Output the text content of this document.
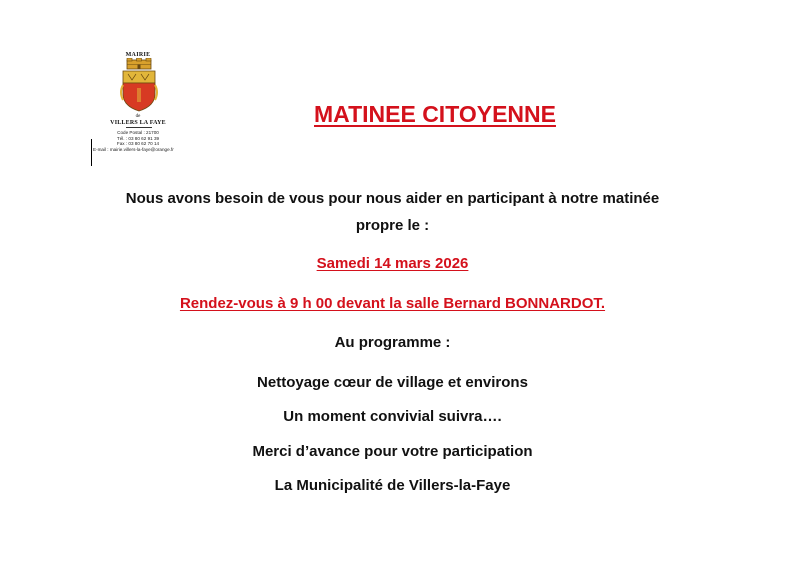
MAIRIE
de
VILLERS LA FAYE
Code Postal : 21700
Tél. : 03 80 62 91 39
Fax : 03 80 62 70 14
E-mail : mairie.villers-la-faye@orange.fr
MATINEE CITOYENNE
Nous avons besoin de vous pour nous aider en participant à notre matinée
propre le :
Samedi 14 mars 2026
Rendez-vous à 9 h 00 devant la salle Bernard BONNARDOT.
Au programme :
Nettoyage cœur de village et environs
Un moment convivial suivra….
Merci d’avance pour votre participation
La Municipalité de Villers-la-Faye
